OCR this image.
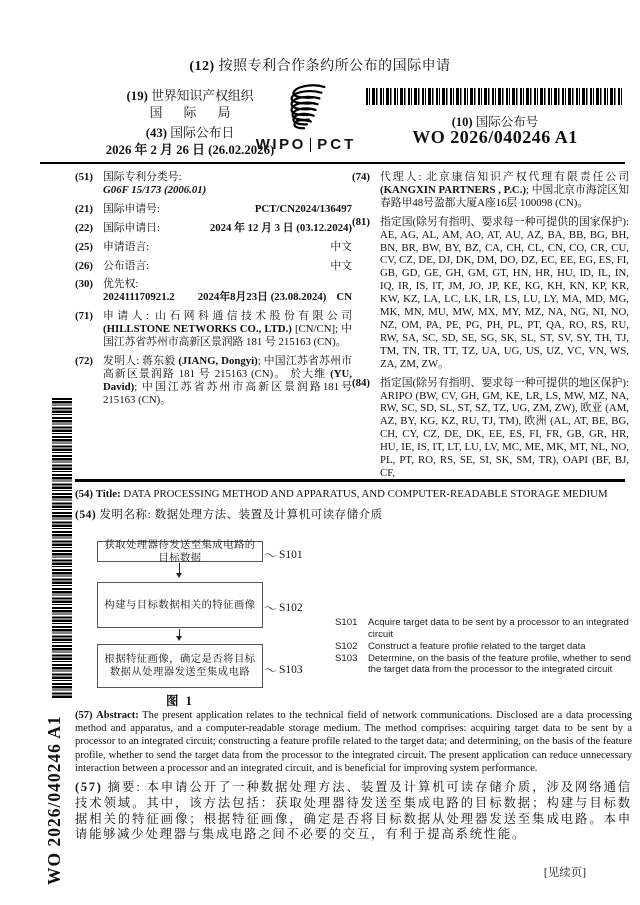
(12) 按照专利合作条约所公布的国际申请
(19) 世界知识产权组织
国 际 局
(43) 国际公布日
2026 年 2 月 26 日 (26.02.2026)
WIPO PCT
(10) 国际公布号
WO 2026/040246 A1
(51) 国际专利分类号:
G06F 15/173 (2006.01)
(21) 国际申请号:	PCT/CN2024/136497
(22) 国际申请日:	2024 年 12 月 3 日 (03.12.2024)
(25) 申请语言:	中文
(26) 公布语言:	中文
(30) 优先权:
202411170921.2 2024年8月23日 (23.08.2024) CN
(71) 申请人: 山石网科通信技术股份有限公司 (HILLSTONE NETWORKS CO., LTD.) [CN/CN]; 中国江苏省苏州市高新区景润路 181 号 215163 (CN)。
(72) 发明人: 蒋东毅 (JIANG, Dongyi); 中国江苏省苏州市高新区景润路 181 号 215163 (CN)。 於大维 (YU, David); 中国江苏省苏州市高新区景润路181号 215163 (CN)。
(74) 代理人: 北京康信知识产权代理有限责任公司 (KANGXIN PARTNERS , P.C.); 中国北京市海淀区知春路甲48号盈都大厦A座16层 100098 (CN)。
(81) 指定国(除另有指明、要求每一种可提供的国家保护): AE, AG, AL, AM, AO, AT, AU, AZ, BA, BB, BG, BH, BN, BR, BW, BY, BZ, CA, CH, CL, CN, CO, CR, CU, CV, CZ, DE, DJ, DK, DM, DO, DZ, EC, EE, EG, ES, FI, GB, GD, GE, GH, GM, GT, HN, HR, HU, ID, IL, IN, IQ, IR, IS, IT, JM, JO, JP, KE, KG, KH, KN, KP, KR, KW, KZ, LA, LC, LK, LR, LS, LU, LY, MA, MD, MG, MK, MN, MU, MW, MX, MY, MZ, NA, NG, NI, NO, NZ, OM, PA, PE, PG, PH, PL, PT, QA, RO, RS, RU, RW, SA, SC, SD, SE, SG, SK, SL, ST, SV, SY, TH, TJ, TM, TN, TR, TT, TZ, UA, UG, US, UZ, VC, VN, WS, ZA, ZM, ZW。
(84) 指定国(除另有指明、要求每一种可提供的地区保护): ARIPO (BW, CV, GH, GM, KE, LR, LS, MW, MZ, NA, RW, SC, SD, SL, ST, SZ, TZ, UG, ZM, ZW), 欧亚 (AM, AZ, BY, KG, KZ, RU, TJ, TM), 欧洲 (AL, AT, BE, BG, CH, CY, CZ, DE, DK, EE, ES, FI, FR, GB, GR, HR, HU, IE, IS, IT, LT, LU, LV, MC, ME, MK, MT, NL, NO, PL, PT, RO, RS, SE, SI, SK, SM, TR), OAPI (BF, BJ, CF,
WO 2026/040246 A1
(54) Title: DATA PROCESSING METHOD AND APPARATUS, AND COMPUTER-READABLE STORAGE MEDIUM
(54) 发明名称: 数据处理方法、装置及计算机可读存储介质
获取处理器待发送至集成电路的目标数据	〜 S101
构建与目标数据相关的特征画像 〜 S102
根据特征画像，确定是否将目标数据从处理器发送至集成电路 〜 S103
图 1
S101	Acquire target data to be sent by a processor to an integrated circuit
S102	Construct a feature profile related to the target data
S103	Determine, on the basis of the feature profile, whether to send the target data from the processor to the integrated circuit
(57) Abstract: The present application relates to the technical field of network communications. Disclosed are a data processing method and apparatus, and a computer-readable storage medium. The method comprises: acquiring target data to be sent by a processor to an integrated circuit; constructing a feature profile related to the target data; and determining, on the basis of the feature profile, whether to send the target data from the processor to the integrated circuit. The present application can reduce unnecessary interaction between a processor and an integrated circuit, and is beneficial for improving system performance.
(57) 摘要: 本申请公开了一种数据处理方法、装置及计算机可读存储介质，涉及网络通信技术领域。其中，该方法包括：获取处理器待发送至集成电路的目标数据；构建与目标数据相关的特征画像；根据特征画像，确定是否将目标数据从处理器发送至集成电路。本申请能够减少处理器与集成电路之间不必要的交互，有利于提高系统性能。
[见续页]
